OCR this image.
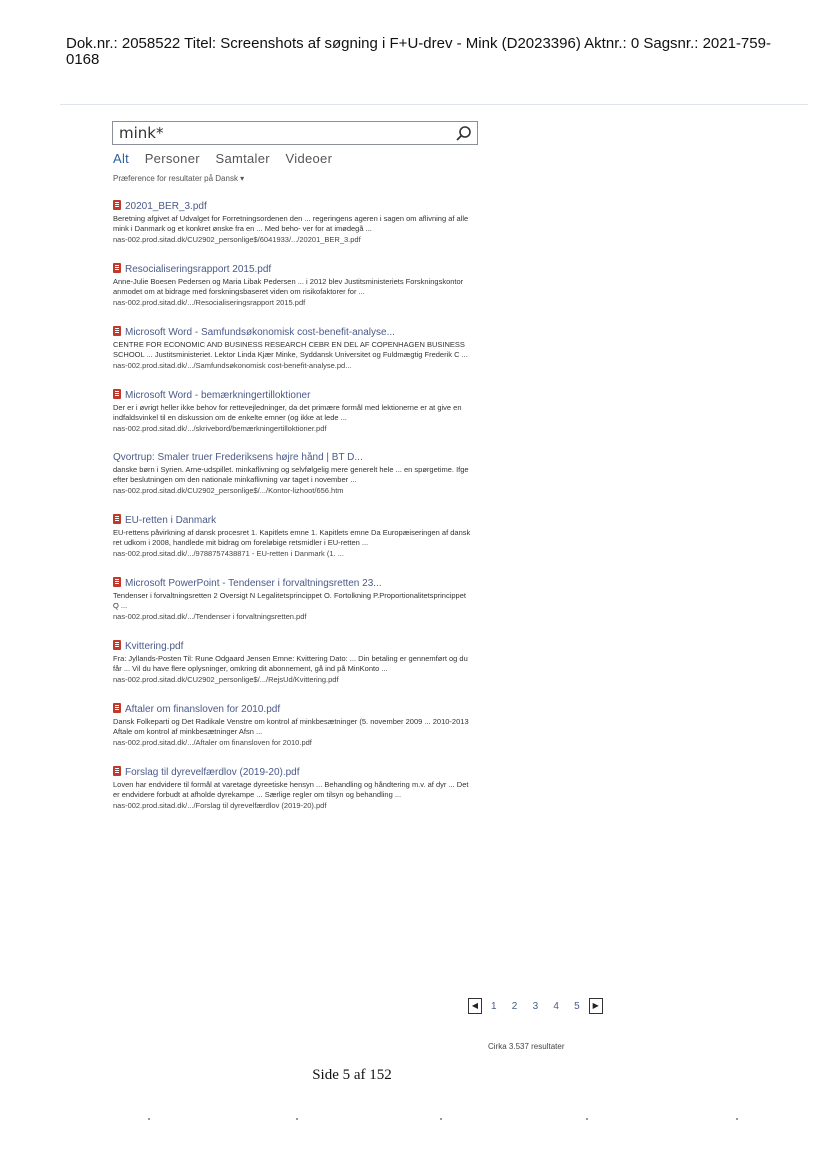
Dok.nr.: 2058522 Titel: Screenshots af søgning i F+U-drev - Mink (D2023396) Aktnr.: 0 Sagsnr.: 2021-759-0168
mink*
Alt Personer Samtaler Videoer
Præference for resultater på Dansk ▾
20201_BER_3.pdf
Beretning afgivet af Udvalget for Forretningsordenen den ... regeringens ageren i sagen om aflivning af alle mink i Danmark og et konkret ønske fra en ... Med beho- ver for at imødegå ...
nas-002.prod.sitad.dk/CU2902_personlige$/6041933/.../20201_BER_3.pdf
Resocialiseringsrapport 2015.pdf
Anne-Julie Boesen Pedersen og Maria Libak Pedersen ... i 2012 blev Justitsministeriets Forskningskontor anmodet om at bidrage med forskningsbaseret viden om risikofaktorer for ...
nas-002.prod.sitad.dk/.../Resocialiseringsrapport 2015.pdf
Microsoft Word - Samfundsøkonomisk cost-benefit-analyse...
CENTRE FOR ECONOMIC AND BUSINESS RESEARCH CEBR EN DEL AF COPENHAGEN BUSINESS SCHOOL ... Justitsministeriet. Lektor Linda Kjær Minke, Syddansk Universitet og Fuldmægtig Frederik C ...
nas-002.prod.sitad.dk/.../Samfundsøkonomisk cost-benefit-analyse.pd...
Microsoft Word - bemærkningertilloktioner
Der er i øvrigt heller ikke behov for rettevejledninger, da det primære formål med lektionerne er at give en indfaldsvinkel til en diskussion om de enkelte emner (og ikke at lede ...
nas-002.prod.sitad.dk/.../skrivebord/bemærkningertilloktioner.pdf
Qvortrup: Smaler truer Frederiksens højre hånd | BT D...
danske børn i Syrien. Arne-udspillet. minkaflivning og selvfølgelig mere generelt hele ... en spørgetime. Ifge efter beslutningen om den nationale minkaflivning var taget i november ...
nas-002.prod.sitad.dk/CU2902_personlige$/.../Kontor-lizhoot/656.htm
EU-retten i Danmark
EU-rettens påvirkning af dansk procesret 1. Kapitlets emne 1. Kapitlets emne Da Europæiseringen af dansk ret udkom i 2008, handlede mit bidrag om foreløbige retsmidler i EU-retten ...
nas-002.prod.sitad.dk/.../9788757438871 - EU-retten i Danmark (1. ...
Microsoft PowerPoint - Tendenser i forvaltningsretten 23...
Tendenser i forvaltningsretten 2 Oversigt N Legalitetsprincippet O. Fortolkning P.Proportionalitetsprincippet Q ...
nas-002.prod.sitad.dk/.../Tendenser i forvaltningsretten.pdf
Kvittering.pdf
Fra: Jyllands-Posten Til: Rune Odgaard Jensen Emne: Kvittering Dato: ... Din betaling er gennemført og du får ... Vil du have flere oplysninger, omkring dit abonnement, gå ind på MinKonto ...
nas-002.prod.sitad.dk/CU2902_personlige$/.../RejsUd/Kvittering.pdf
Aftaler om finansloven for 2010.pdf
Dansk Folkeparti og Det Radikale Venstre om kontrol af minkbesætninger (5. november 2009 ... 2010-2013 Aftale om kontrol af minkbesætninger Afsn ...
nas-002.prod.sitad.dk/.../Aftaler om finansloven for 2010.pdf
Forslag til dyrevelfærdlov (2019-20).pdf
Loven har endvidere til formål at varetage dyreetiske hensyn ... Behandling og håndtering m.v. af dyr ... Det er endvidere forbudt at afholde dyrekampe ... Særlige regler om tilsyn og behandling ...
nas-002.prod.sitad.dk/.../Forslag til dyrevelfærdlov (2019-20).pdf
◀ 1 2 3 4 5 ▶
Cirka 3.537 resultater
Side 5 af 152
